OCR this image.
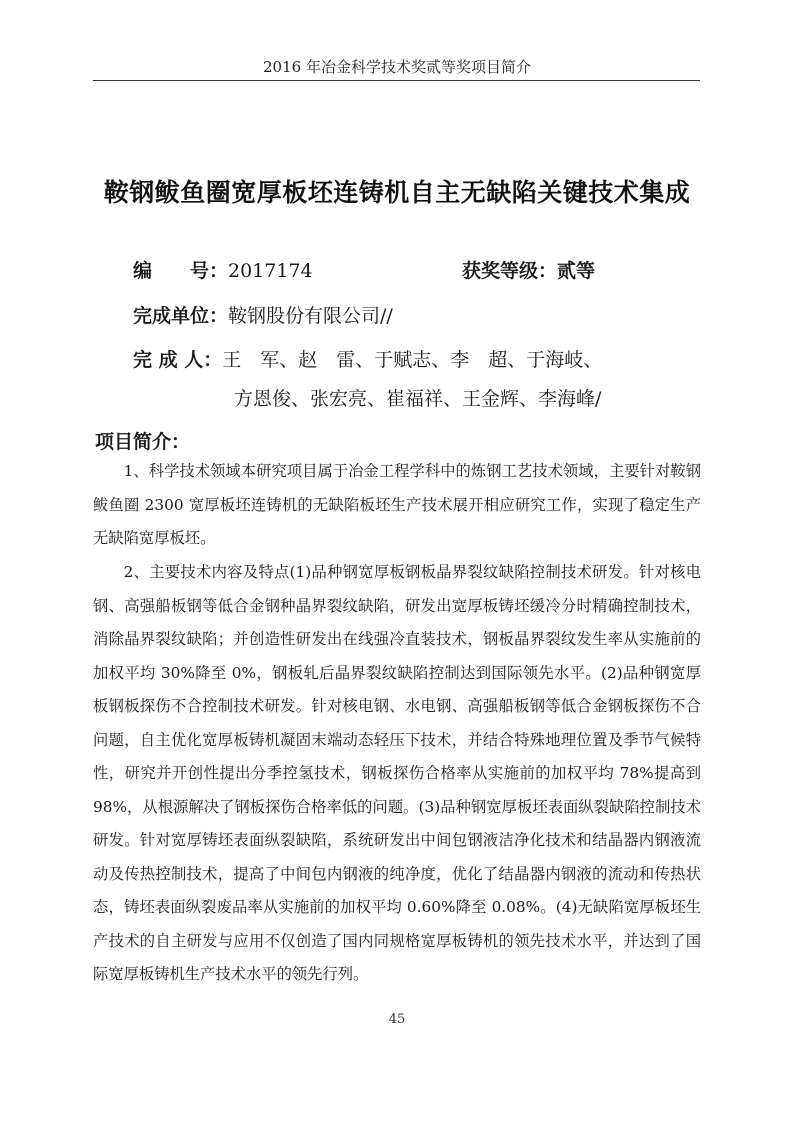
2016 年冶金科学技术奖贰等奖项目简介
鞍钢鲅鱼圈宽厚板坯连铸机自主无缺陷关键技术集成
编　　号：2017174	获奖等级：贰等
完成单位：鞍钢股份有限公司//
完 成 人：王　军、赵　雷、于赋志、李　超、于海岐、
方恩俊、张宏亮、崔福祥、王金辉、李海峰/
项目简介：

1、科学技术领域本研究项目属于冶金工程学科中的炼钢工艺技术领域，主要针对鞍钢鲅鱼圈 2300 宽厚板坯连铸机的无缺陷板坯生产技术展开相应研究工作，实现了稳定生产无缺陷宽厚板坯。

2、主要技术内容及特点(1)品种钢宽厚板钢板晶界裂纹缺陷控制技术研发。针对核电钢、高强船板钢等低合金钢种晶界裂纹缺陷，研发出宽厚板铸坯缓冷分时精确控制技术，消除晶界裂纹缺陷；并创造性研发出在线强冷直装技术，钢板晶界裂纹发生率从实施前的加权平均 30%降至 0%，钢板轧后晶界裂纹缺陷控制达到国际领先水平。(2)品种钢宽厚板钢板探伤不合控制技术研发。针对核电钢、水电钢、高强船板钢等低合金钢板探伤不合问题，自主优化宽厚板铸机凝固末端动态轻压下技术，并结合特殊地理位置及季节气候特性，研究并开创性提出分季控氢技术，钢板探伤合格率从实施前的加权平均 78%提高到 98%，从根源解决了钢板探伤合格率低的问题。(3)品种钢宽厚板坯表面纵裂缺陷控制技术研发。针对宽厚铸坯表面纵裂缺陷，系统研发出中间包钢液洁净化技术和结晶器内钢液流动及传热控制技术，提高了中间包内钢液的纯净度，优化了结晶器内钢液的流动和传热状态，铸坯表面纵裂废品率从实施前的加权平均 0.60%降至 0.08%。(4)无缺陷宽厚板坯生产技术的自主研发与应用不仅创造了国内同规格宽厚板铸机的领先技术水平，并达到了国际宽厚板铸机生产技术水平的领先行列。

45
